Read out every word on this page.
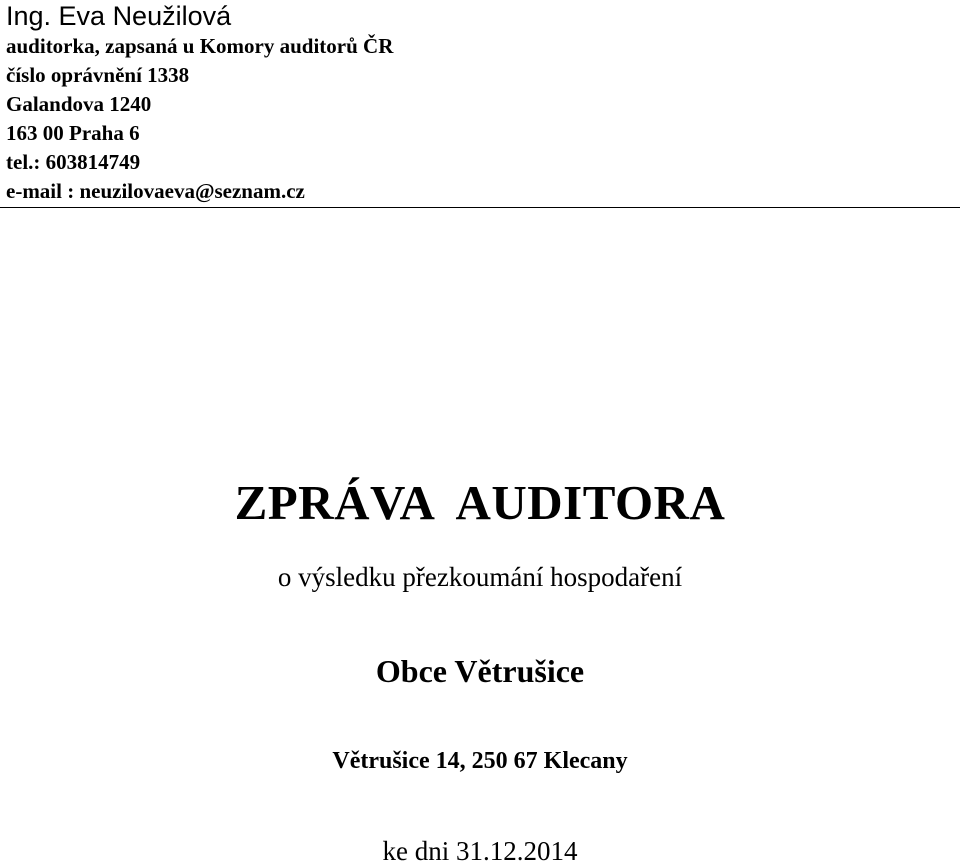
Ing. Eva Neužilová
auditorka, zapsaná u Komory auditorů ČR
číslo oprávnění 1338
Galandova 1240
163 00 Praha 6
tel.: 603814749
e-mail : neuzilovaeva@seznam.cz
ZPRÁVA  AUDITORA
o výsledku přezkoumání hospodaření
Obce Větrušice
Větrušice 14, 250 67 Klecany
ke dni 31.12.2014
